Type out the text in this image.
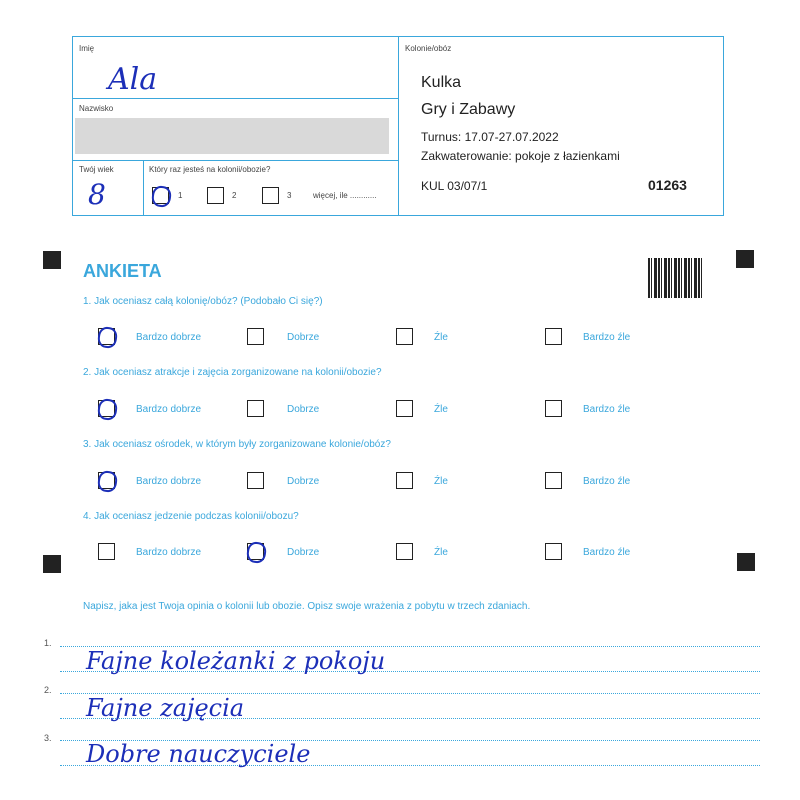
Imię
Ala
Nazwisko
Twój wiek
8
Który raz jesteś na kolonii/obozie?
1	2	3	więcej, ile ............
Kolonie/obóz
Kulka
Gry i Zabawy
Turnus: 17.07-27.07.2022
Zakwaterowanie: pokoje z łazienkami
KUL 03/07/1	01263
ANKIETA
1. Jak oceniasz całą kolonię/obóz? (Podobało Ci się?)
Bardzo dobrze	Dobrze	Źle	Bardzo źle
2. Jak oceniasz atrakcje i zajęcia zorganizowane na kolonii/obozie?
Bardzo dobrze	Dobrze	Źle	Bardzo źle
3. Jak oceniasz ośrodek, w którym były zorganizowane kolonie/obóz?
Bardzo dobrze	Dobrze	Źle	Bardzo źle
4. Jak oceniasz jedzenie podczas kolonii/obozu?
Bardzo dobrze	Dobrze	Źle	Bardzo źle
Napisz, jaka jest Twoja opinia o kolonii lub obozie. Opisz swoje wrażenia z pobytu w trzech zdaniach.
1.
Fajne koleżanki z pokoju
2.
Fajne zajęcia
3.
Dobre nauczyciele
